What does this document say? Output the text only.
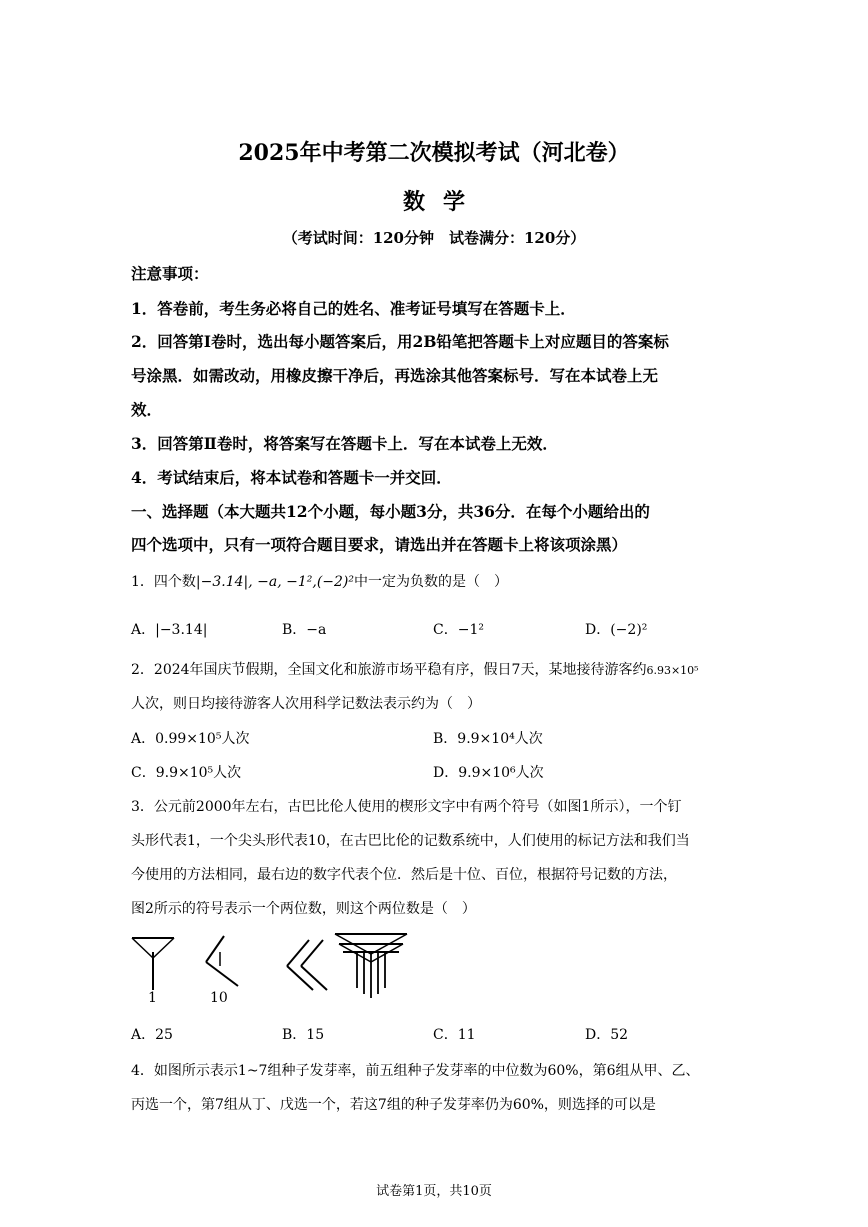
2025年中考第二次模拟考试（河北卷）
数学
（考试时间：120分钟　试卷满分：120分）
注意事项：
1．答卷前，考生务必将自己的姓名、准考证号填写在答题卡上．
2．回答第Ⅰ卷时，选出每小题答案后，用2B铅笔把答题卡上对应题目的答案标
号涂黑．如需改动，用橡皮擦干净后，再选涂其他答案标号．写在本试卷上无
效．
3．回答第Ⅱ卷时，将答案写在答题卡上．写在本试卷上无效．
4．考试结束后，将本试卷和答题卡一并交回．
一、选择题（本大题共12个小题，每小题3分，共36分．在每个小题给出的
四个选项中，只有一项符合题目要求，请选出并在答题卡上将该项涂黑）
1．四个数|−3.14|, −a, −1²,(−2)²中一定为负数的是（　）
A．|−3.14|	B．−a	C．−1²	D．(−2)²
2．2024年国庆节假期，全国文化和旅游市场平稳有序，假日7天，某地接待游客约6.93×10⁵
人次，则日均接待游客人次用科学记数法表示约为（　）
A．0.99×10⁵人次	B．9.9×10⁴人次
C．9.9×10⁵人次	D．9.9×10⁶人次
3．公元前2000年左右，古巴比伦人使用的楔形文字中有两个符号（如图1所示），一个钉
头形代表1，一个尖头形代表10，在古巴比伦的记数系统中，人们使用的标记方法和我们当
今使用的方法相同，最右边的数字代表个位．然后是十位、百位，根据符号记数的方法，
图2所示的符号表示一个两位数，则这个两位数是（　）
1	10
A．25	B．15	C．11	D．52
4．如图所示表示1~7组种子发芽率，前五组种子发芽率的中位数为60%，第6组从甲、乙、
丙选一个，第7组从丁、戊选一个，若这7组的种子发芽率仍为60%，则选择的可以是
试卷第1页，共10页
